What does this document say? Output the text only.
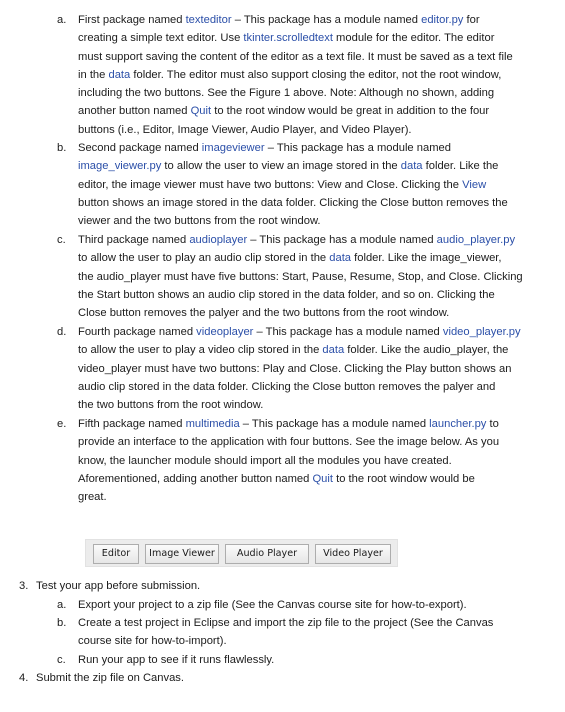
a. First package named texteditor – This package has a module named editor.py for
creating a simple text editor. Use tkinter.scrolledtext module for the editor. The editor
must support saving the content of the editor as a text file. It must be saved as a text file
in the data folder. The editor must also support closing the editor, not the root window,
including the two buttons. See the Figure 1 above. Note: Although no shown, adding
another button named Quit to the root window would be great in addition to the four
buttons (i.e., Editor, Image Viewer, Audio Player, and Video Player).
b. Second package named imageviewer – This package has a module named
image_viewer.py to allow the user to view an image stored in the data folder. Like the
editor, the image viewer must have two buttons: View and Close. Clicking the View
button shows an image stored in the data folder. Clicking the Close button removes the
viewer and the two buttons from the root window.
c. Third package named audioplayer – This package has a module named audio_player.py
to allow the user to play an audio clip stored in the data folder. Like the image_viewer,
the audio_player must have five buttons: Start, Pause, Resume, Stop, and Close. Clicking
the Start button shows an audio clip stored in the data folder, and so on. Clicking the
Close button removes the palyer and the two buttons from the root window.
d. Fourth package named videoplayer – This package has a module named video_player.py
to allow the user to play a video clip stored in the data folder. Like the audio_player, the
video_player must have two buttons: Play and Close. Clicking the Play button shows an
audio clip stored in the data folder. Clicking the Close button removes the palyer and
the two buttons from the root window.
e. Fifth package named multimedia – This package has a module named launcher.py to
provide an interface to the application with four buttons. See the image below. As you
know, the launcher module should import all the modules you have created.
Aforementioned, adding another button named Quit to the root window would be
great.
Editor	Image Viewer	Audio Player	Video Player
3. Test your app before submission.
a. Export your project to a zip file (See the Canvas course site for how-to-export).
b. Create a test project in Eclipse and import the zip file to the project (See the Canvas
course site for how-to-import).
c. Run your app to see if it runs flawlessly.
4. Submit the zip file on Canvas.
